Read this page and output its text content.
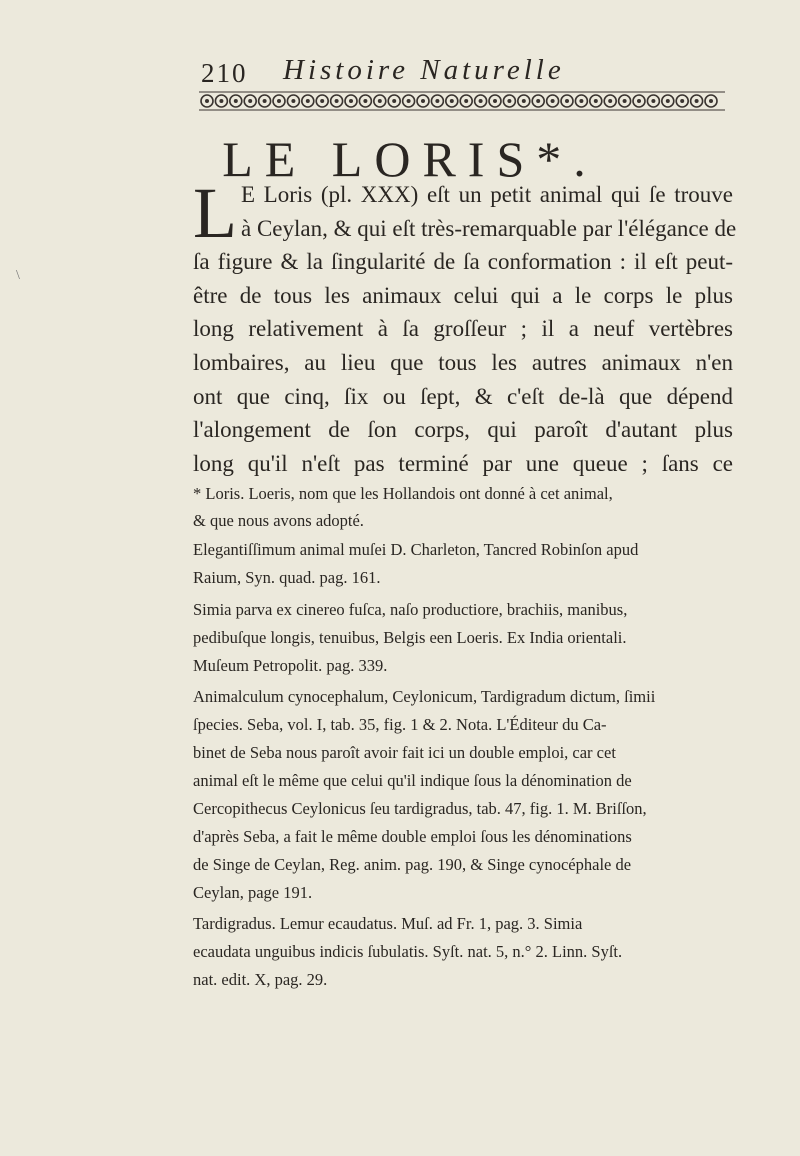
210 Histoire Naturelle
LE LORIS*.
\
L E Loris (pl. XXX) eſt un petit animal qui ſe trouve
à Ceylan, & qui eſt très-remarquable par l'élégance de
ſa figure & la ſingularité de ſa conformation : il eſt peut-
être de tous les animaux celui qui a le corps le plus
long relativement à ſa groſſeur ; il a neuf vertèbres
lombaires, au lieu que tous les autres animaux n'en
ont que cinq, ſix ou ſept, & c'eſt de-là que dépend
l'alongement de ſon corps, qui paroît d'autant plus
long qu'il n'eſt pas terminé par une queue ; ſans ce
* Loris. Loeris, nom que les Hollandois ont donné à cet animal,
& que nous avons adopté.
Elegantiſſimum animal muſei D. Charleton, Tancred Robinſon apud
Raium, Syn. quad. pag. 161.
Simia parva ex cinereo fuſca, naſo productiore, brachiis, manibus,
pedibuſque longis, tenuibus, Belgis een Loeris. Ex India orientali.
Muſeum Petropolit. pag. 339.
Animalculum cynocephalum, Ceylonicum, Tardigradum dictum, ſimii
ſpecies. Seba, vol. I, tab. 35, fig. 1 & 2. Nota. L'Éditeur du Ca-
binet de Seba nous paroît avoir fait ici un double emploi, car cet
animal eſt le même que celui qu'il indique ſous la dénomination de
Cercopithecus Ceylonicus ſeu tardigradus, tab. 47, fig. 1. M. Briſſon,
d'après Seba, a fait le même double emploi ſous les dénominations
de Singe de Ceylan, Reg. anim. pag. 190, & Singe cynocéphale de
Ceylan, page 191.
Tardigradus. Lemur ecaudatus. Muſ. ad Fr. 1, pag. 3. Simia
ecaudata unguibus indicis ſubulatis. Syſt. nat. 5, n.° 2. Linn. Syſt.
nat. edit. X, pag. 29.
